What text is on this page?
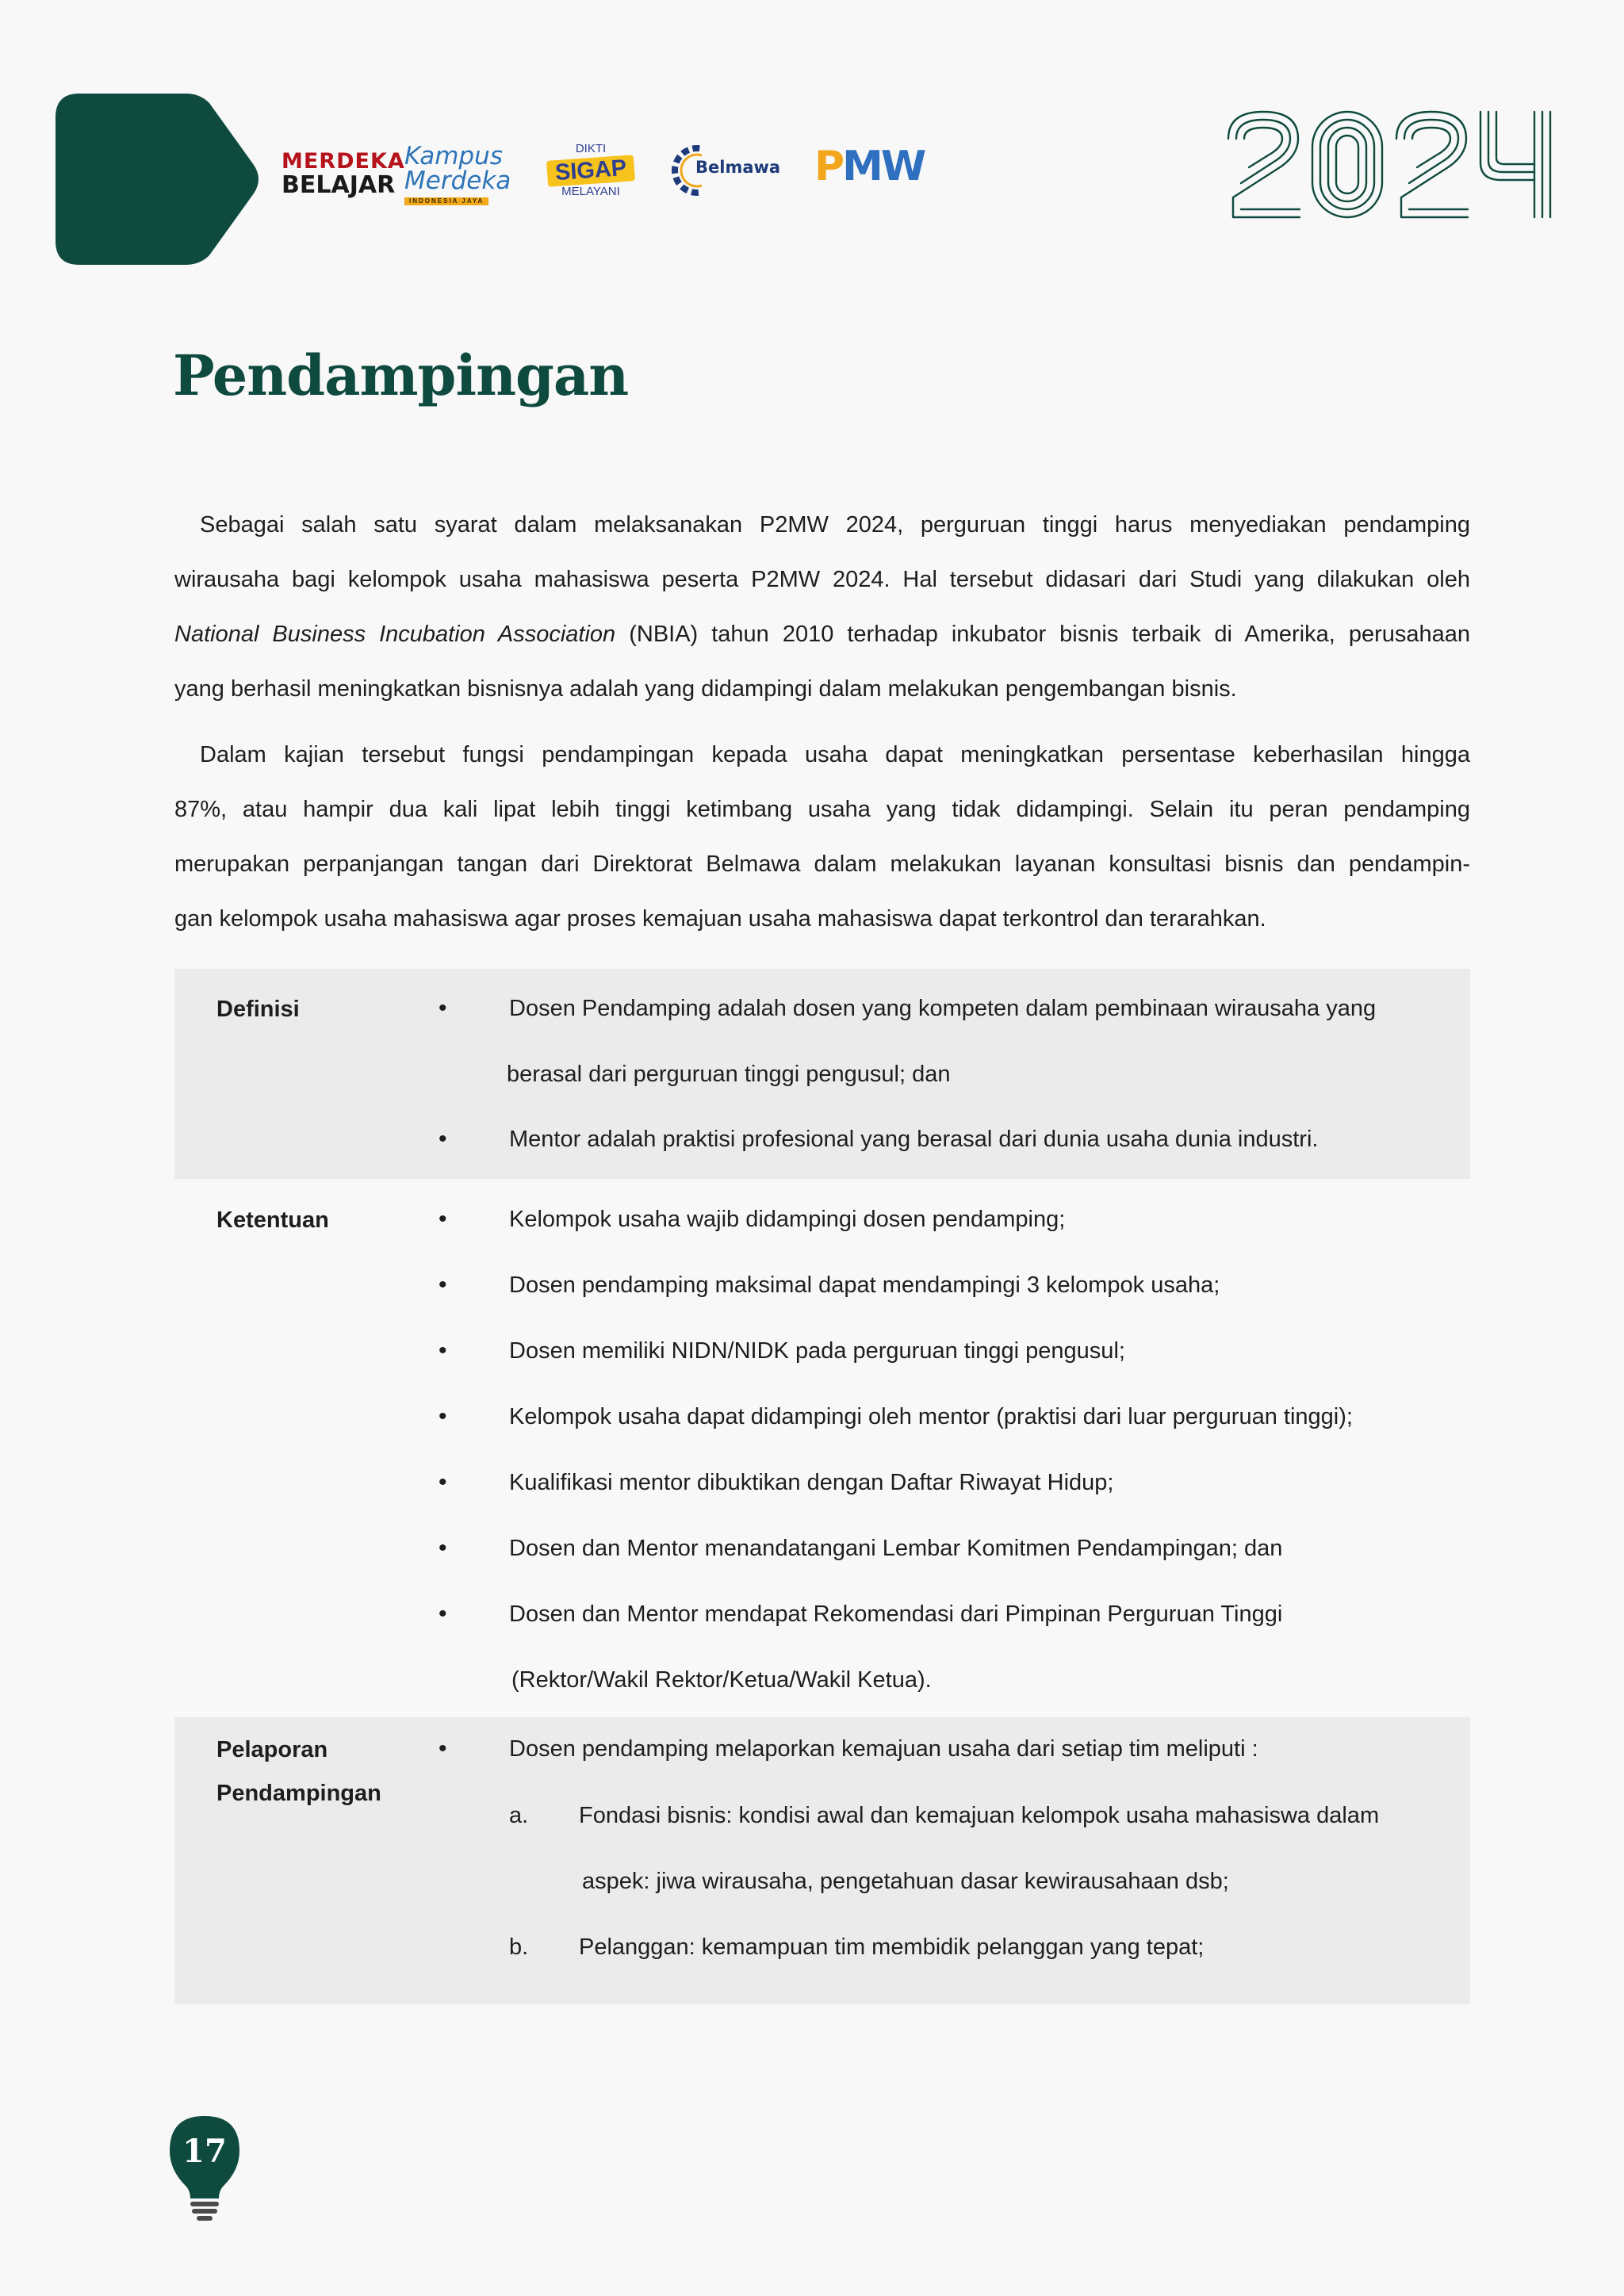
MERDEKA
BELAJAR
Kampus
Merdeka
INDONESIA JAYA
DIKTI
SIGAP
MELAYANI
Belmawa PMW
Pendampingan

Sebagai salah satu syarat dalam melaksanakan P2MW 2024, perguruan tinggi harus menyediakan pendamping
wirausaha bagi kelompok usaha mahasiswa peserta P2MW 2024. Hal tersebut didasari dari Studi yang dilakukan oleh
National Business Incubation Association (NBIA) tahun 2010 terhadap inkubator bisnis terbaik di Amerika, perusahaan
yang berhasil meningkatkan bisnisnya adalah yang didampingi dalam melakukan pengembangan bisnis.

Dalam kajian tersebut fungsi pendampingan kepada usaha dapat meningkatkan persentase keberhasilan hingga
87%, atau hampir dua kali lipat lebih tinggi ketimbang usaha yang tidak didampingi. Selain itu peran pendamping
merupakan perpanjangan tangan dari Direktorat Belmawa dalam melakukan layanan konsultasi bisnis dan pendampin-
gan kelompok usaha mahasiswa agar proses kemajuan usaha mahasiswa dapat terkontrol dan terarahkan.

Definisi	•	Dosen Pendamping adalah dosen yang kompeten dalam pembinaan wirausaha yang
berasal dari perguruan tinggi pengusul; dan
•	Mentor adalah praktisi profesional yang berasal dari dunia usaha dunia industri.
Ketentuan	•	Kelompok usaha wajib didampingi dosen pendamping;
•	Dosen pendamping maksimal dapat mendampingi 3 kelompok usaha;
•	Dosen memiliki NIDN/NIDK pada perguruan tinggi pengusul;
•	Kelompok usaha dapat didampingi oleh mentor (praktisi dari luar perguruan tinggi);
•	Kualifikasi mentor dibuktikan dengan Daftar Riwayat Hidup;
•	Dosen dan Mentor menandatangani Lembar Komitmen Pendampingan; dan
•	Dosen dan Mentor mendapat Rekomendasi dari Pimpinan Perguruan Tinggi
(Rektor/Wakil Rektor/Ketua/Wakil Ketua).
Pelaporan
Pendampingan
•	Dosen pendamping melaporkan kemajuan usaha dari setiap tim meliputi :
a. Fondasi bisnis: kondisi awal dan kemajuan kelompok usaha mahasiswa dalam
aspek: jiwa wirausaha, pengetahuan dasar kewirausahaan dsb;
b. Pelanggan: kemampuan tim membidik pelanggan yang tepat;
17
